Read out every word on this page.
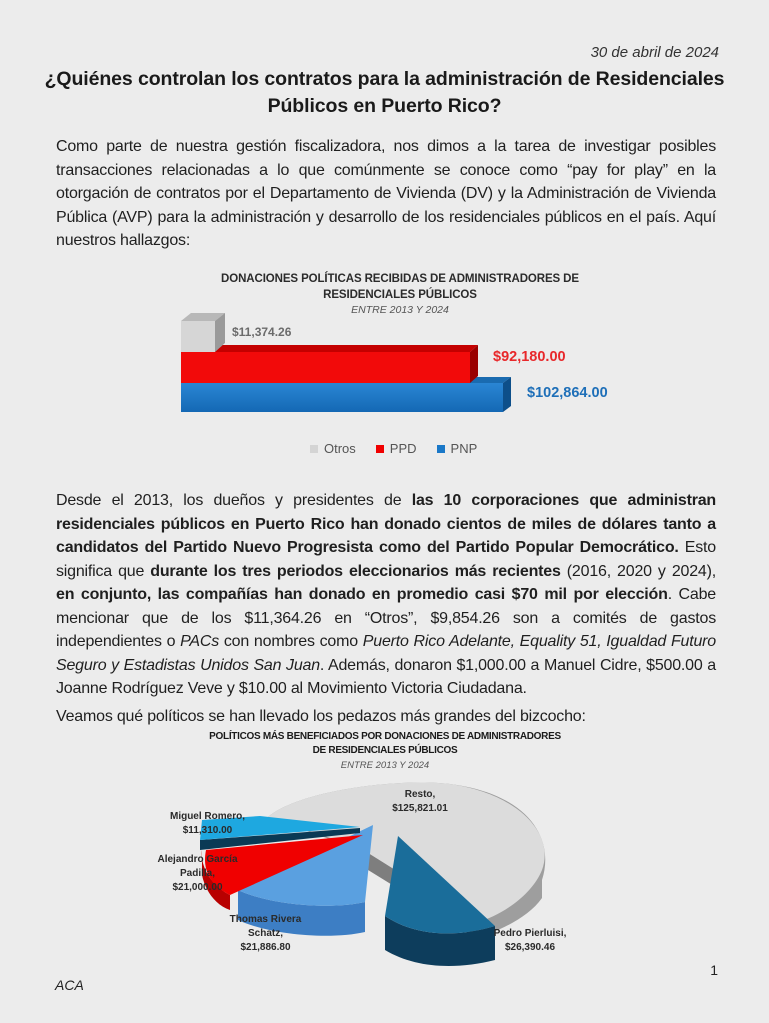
30 de abril de 2024
¿Quiénes controlan los contratos para la administración de Residenciales Públicos en Puerto Rico?

Como parte de nuestra gestión fiscalizadora, nos dimos a la tarea de investigar posibles transacciones relacionadas a lo que comúnmente se conoce como “pay for play” en la otorgación de contratos por el Departamento de Vivienda (DV) y la Administración de Vivienda Pública (AVP) para la administración y desarrollo de los residenciales públicos en el país. Aquí nuestros hallazgos:

DONACIONES POLÍTICAS RECIBIDAS DE ADMINISTRADORES DE
RESIDENCIALES PÚBLICOS
ENTRE 2013 Y 2024
$11,374.26
$92,180.00
$102,864.00
Otros	PPD	PNP

Desde el 2013, los dueños y presidentes de las 10 corporaciones que administran residenciales públicos en Puerto Rico han donado cientos de miles de dólares tanto a candidatos del Partido Nuevo Progresista como del Partido Popular Democrático. Esto significa que durante los tres periodos eleccionarios más recientes (2016, 2020 y 2024), en conjunto, las compañías han donado en promedio casi $70 mil por elección. Cabe mencionar que de los $11,364.26 en “Otros”, $9,854.26 son a comités de gastos independientes o PACs con nombres como Puerto Rico Adelante, Equality 51, Igualdad Futuro Seguro y Estadistas Unidos San Juan. Además, donaron $1,000.00 a Manuel Cidre, $500.00 a Joanne Rodríguez Veve y $10.00 al Movimiento Victoria Ciudadana.

Veamos qué políticos se han llevado los pedazos más grandes del bizcocho:

POLÍTICOS MÁS BENEFICIADOS POR DONACIONES DE ADMINISTRADORES
DE RESIDENCIALES PÚBLICOS
ENTRE 2013 Y 2024
Resto,
$125,821.01
Miguel Romero,
$11,310.00
Alejandro García
Padilla,
$21,000.00
Thomas Rivera
Schatz,
$21,886.80
Pedro Pierluisi,
$26,390.46
1
ACA
